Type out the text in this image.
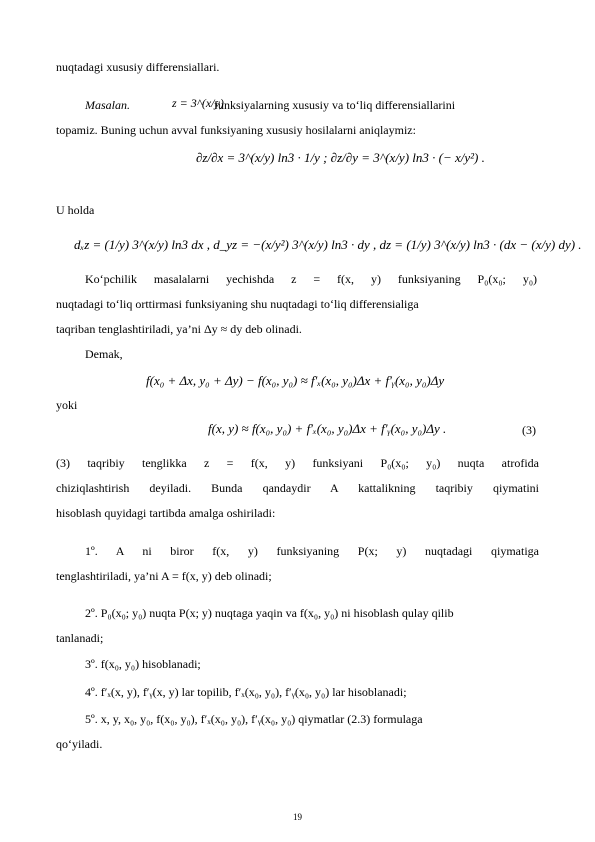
nuqtadagi xususiy differensiallari.
Masalan.	z = 3^(x/y)
funksiyalarning xususiy va to‘liq differensiallarini
topamiz. Buning uchun avval funksiyaning xususiy hosilalarni aniqlaymiz:
∂z/∂x = 3^(x/y) ln3 · 1/y ; ∂z/∂y = 3^(x/y) ln3 · (− x/y²) .
U holda
dₓz = (1/y) 3^(x/y) ln3 dx , d_yz = −(x/y²) 3^(x/y) ln3 · dy , dz = (1/y) 3^(x/y) ln3 · (dx − (x/y) dy) .
Ko‘pchilik masalalarni yechishda z = f(x, y) funksiyaning P₀(x₀; y₀)
nuqtadagi to‘liq orttirmasi funksiyaning shu nuqtadagi to‘liq differensialiga
taqriban tenglashtiriladi, ya’ni Δy ≈ dy deb olinadi.
Demak,
f(x₀ + Δx, y₀ + Δy) − f(x₀, y₀) ≈ f′ₓ(x₀, y₀)Δx + f′ᵧ(x₀, y₀)Δy
yoki
f(x, y) ≈ f(x₀, y₀) + f′ₓ(x₀, y₀)Δx + f′ᵧ(x₀, y₀)Δy .	(3)
(3) taqribiy tenglikka z = f(x, y) funksiyani P₀(x₀; y₀) nuqta atrofida
chiziqlashtirish deyiladi. Bunda qandaydir A kattalikning taqribiy qiymatini
hisoblash quyidagi tartibda amalga oshiriladi:
1º. A ni biror f(x, y) funksiyaning P(x; y) nuqtadagi qiymatiga
tenglashtiriladi, ya’ni A = f(x, y) deb olinadi;
2º. P₀(x₀; y₀) nuqta P(x; y) nuqtaga yaqin va f(x₀, y₀) ni hisoblash qulay qilib
tanlanadi;
3º. f(x₀, y₀) hisoblanadi;
4º. f′ₓ(x, y), f′ᵧ(x, y) lar topilib, f′ₓ(x₀, y₀), f′ᵧ(x₀, y₀) lar hisoblanadi;
5º. x, y, x₀, y₀, f(x₀, y₀), f′ₓ(x₀, y₀), f′ᵧ(x₀, y₀) qiymatlar (2.3) formulaga
qo‘yiladi.
19
